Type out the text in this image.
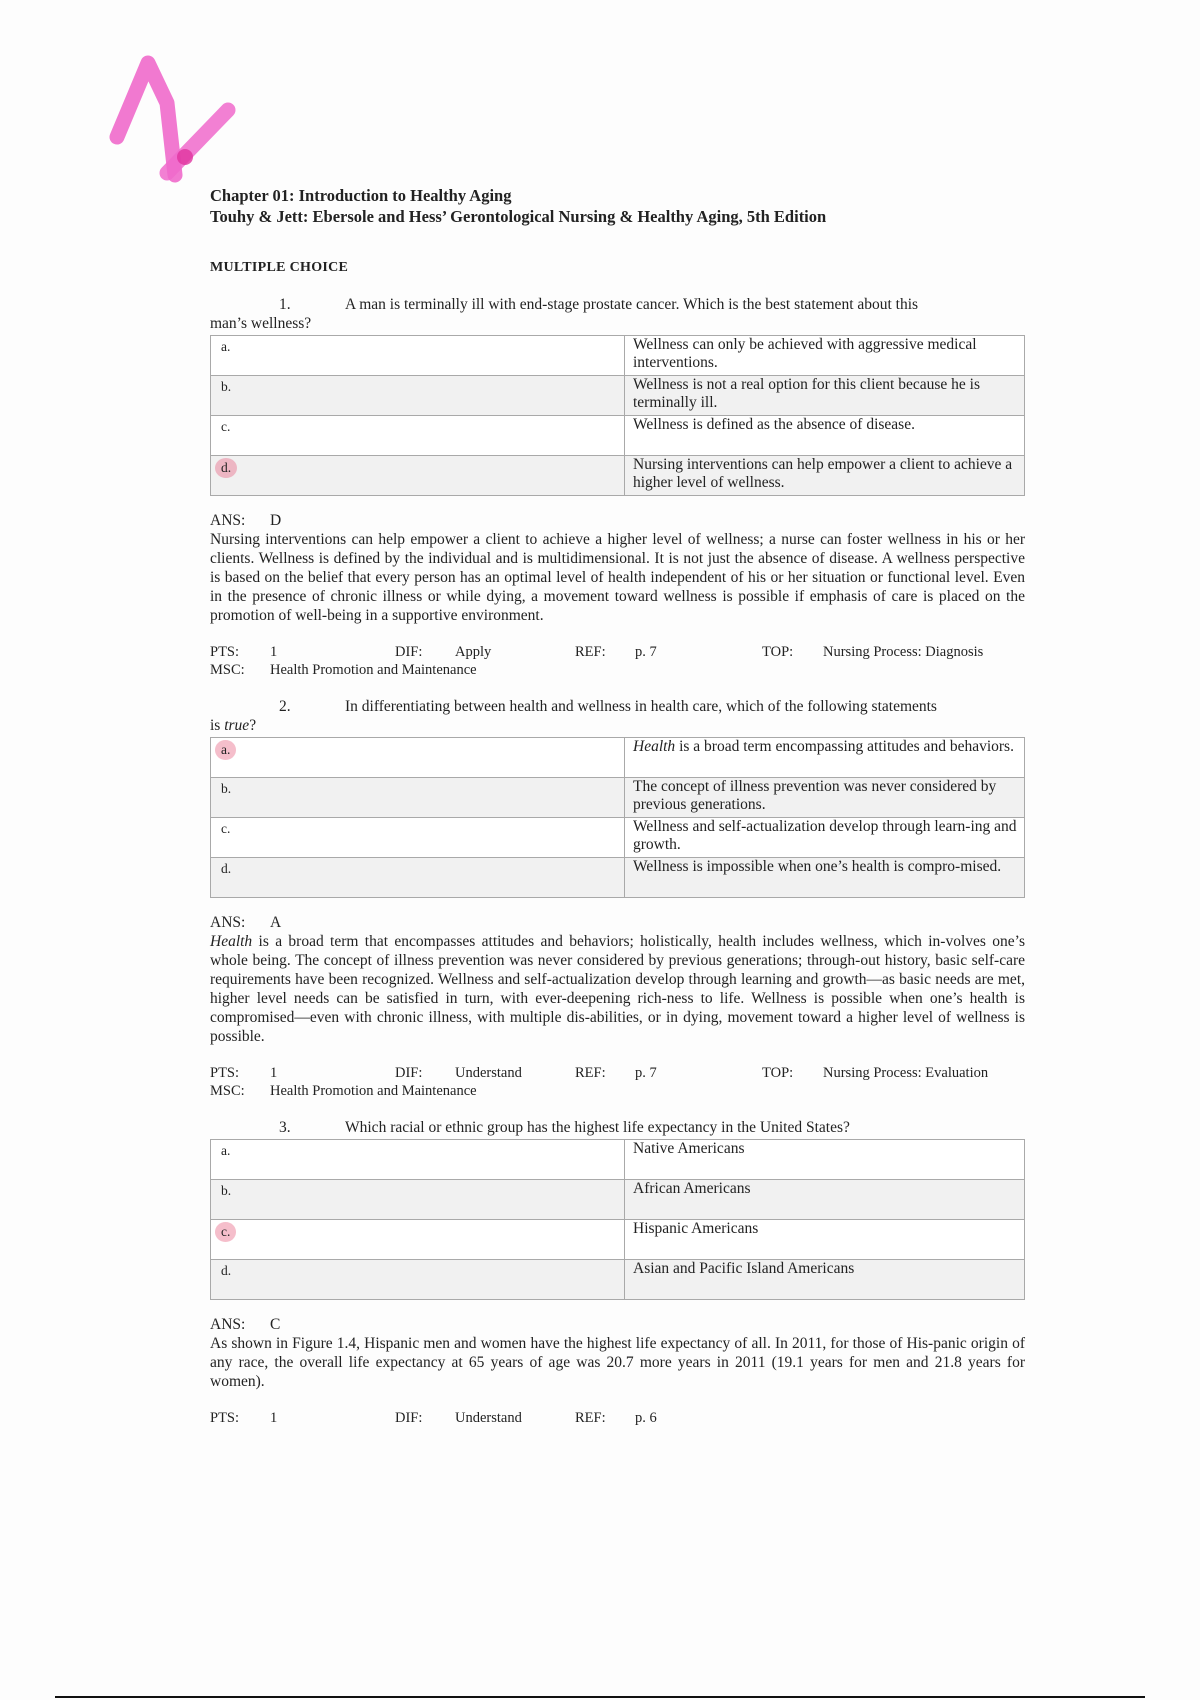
Chapter 01: Introduction to Healthy Aging
Touhy & Jett: Ebersole and Hess’ Gerontological Nursing & Healthy Aging, 5th Edition
MULTIPLE CHOICE
1.	A man is terminally ill with end-stage prostate cancer. Which is the best statement about this
man’s wellness?
a.	Wellness can only be achieved with aggressive medical interventions.
b.	Wellness is not a real option for this client because he is terminally ill.
c.	Wellness is defined as the absence of disease.
d.	Nursing interventions can help empower a client to achieve a higher level of wellness.
ANS: D
Nursing interventions can help empower a client to achieve a higher level of wellness; a nurse can foster wellness in his or her clients. Wellness is defined by the individual and is multidimensional. It is not just the absence of disease. A wellness perspective is based on the belief that every person has an optimal level of health independent of his or her situation or functional level. Even in the presence of chronic illness or while dying, a movement toward wellness is possible if emphasis of care is placed on the promotion of well-being in a supportive environment.
PTS: 1	DIF: Apply	REF: p. 7	TOP: Nursing Process: Diagnosis
MSC: Health Promotion and Maintenance
2.	In differentiating between health and wellness in health care, which of the following statements
is true?
a.	Health is a broad term encompassing attitudes and behaviors.
b.	The concept of illness prevention was never considered by previous generations.
c.	Wellness and self-actualization develop through learn-ing and growth.
d.	Wellness is impossible when one’s health is compro-mised.
ANS: A
Health is a broad term that encompasses attitudes and behaviors; holistically, health includes wellness, which in-volves one’s whole being. The concept of illness prevention was never considered by previous generations; through-out history, basic self-care requirements have been recognized. Wellness and self-actualization develop through learning and growth—as basic needs are met, higher level needs can be satisfied in turn, with ever-deepening rich-ness to life. Wellness is possible when one’s health is compromised—even with chronic illness, with multiple dis-abilities, or in dying, movement toward a higher level of wellness is possible.
PTS: 1	DIF: Understand	REF: p. 7	TOP: Nursing Process: Evaluation
MSC: Health Promotion and Maintenance
3.	Which racial or ethnic group has the highest life expectancy in the United States?
a.	Native Americans
b.	African Americans
c.	Hispanic Americans
d.	Asian and Pacific Island Americans
ANS: C
As shown in Figure 1.4, Hispanic men and women have the highest life expectancy of all. In 2011, for those of His-panic origin of any race, the overall life expectancy at 65 years of age was 20.7 more years in 2011 (19.1 years for men and 21.8 years for women).
PTS: 1	DIF: Understand	REF: p. 6
